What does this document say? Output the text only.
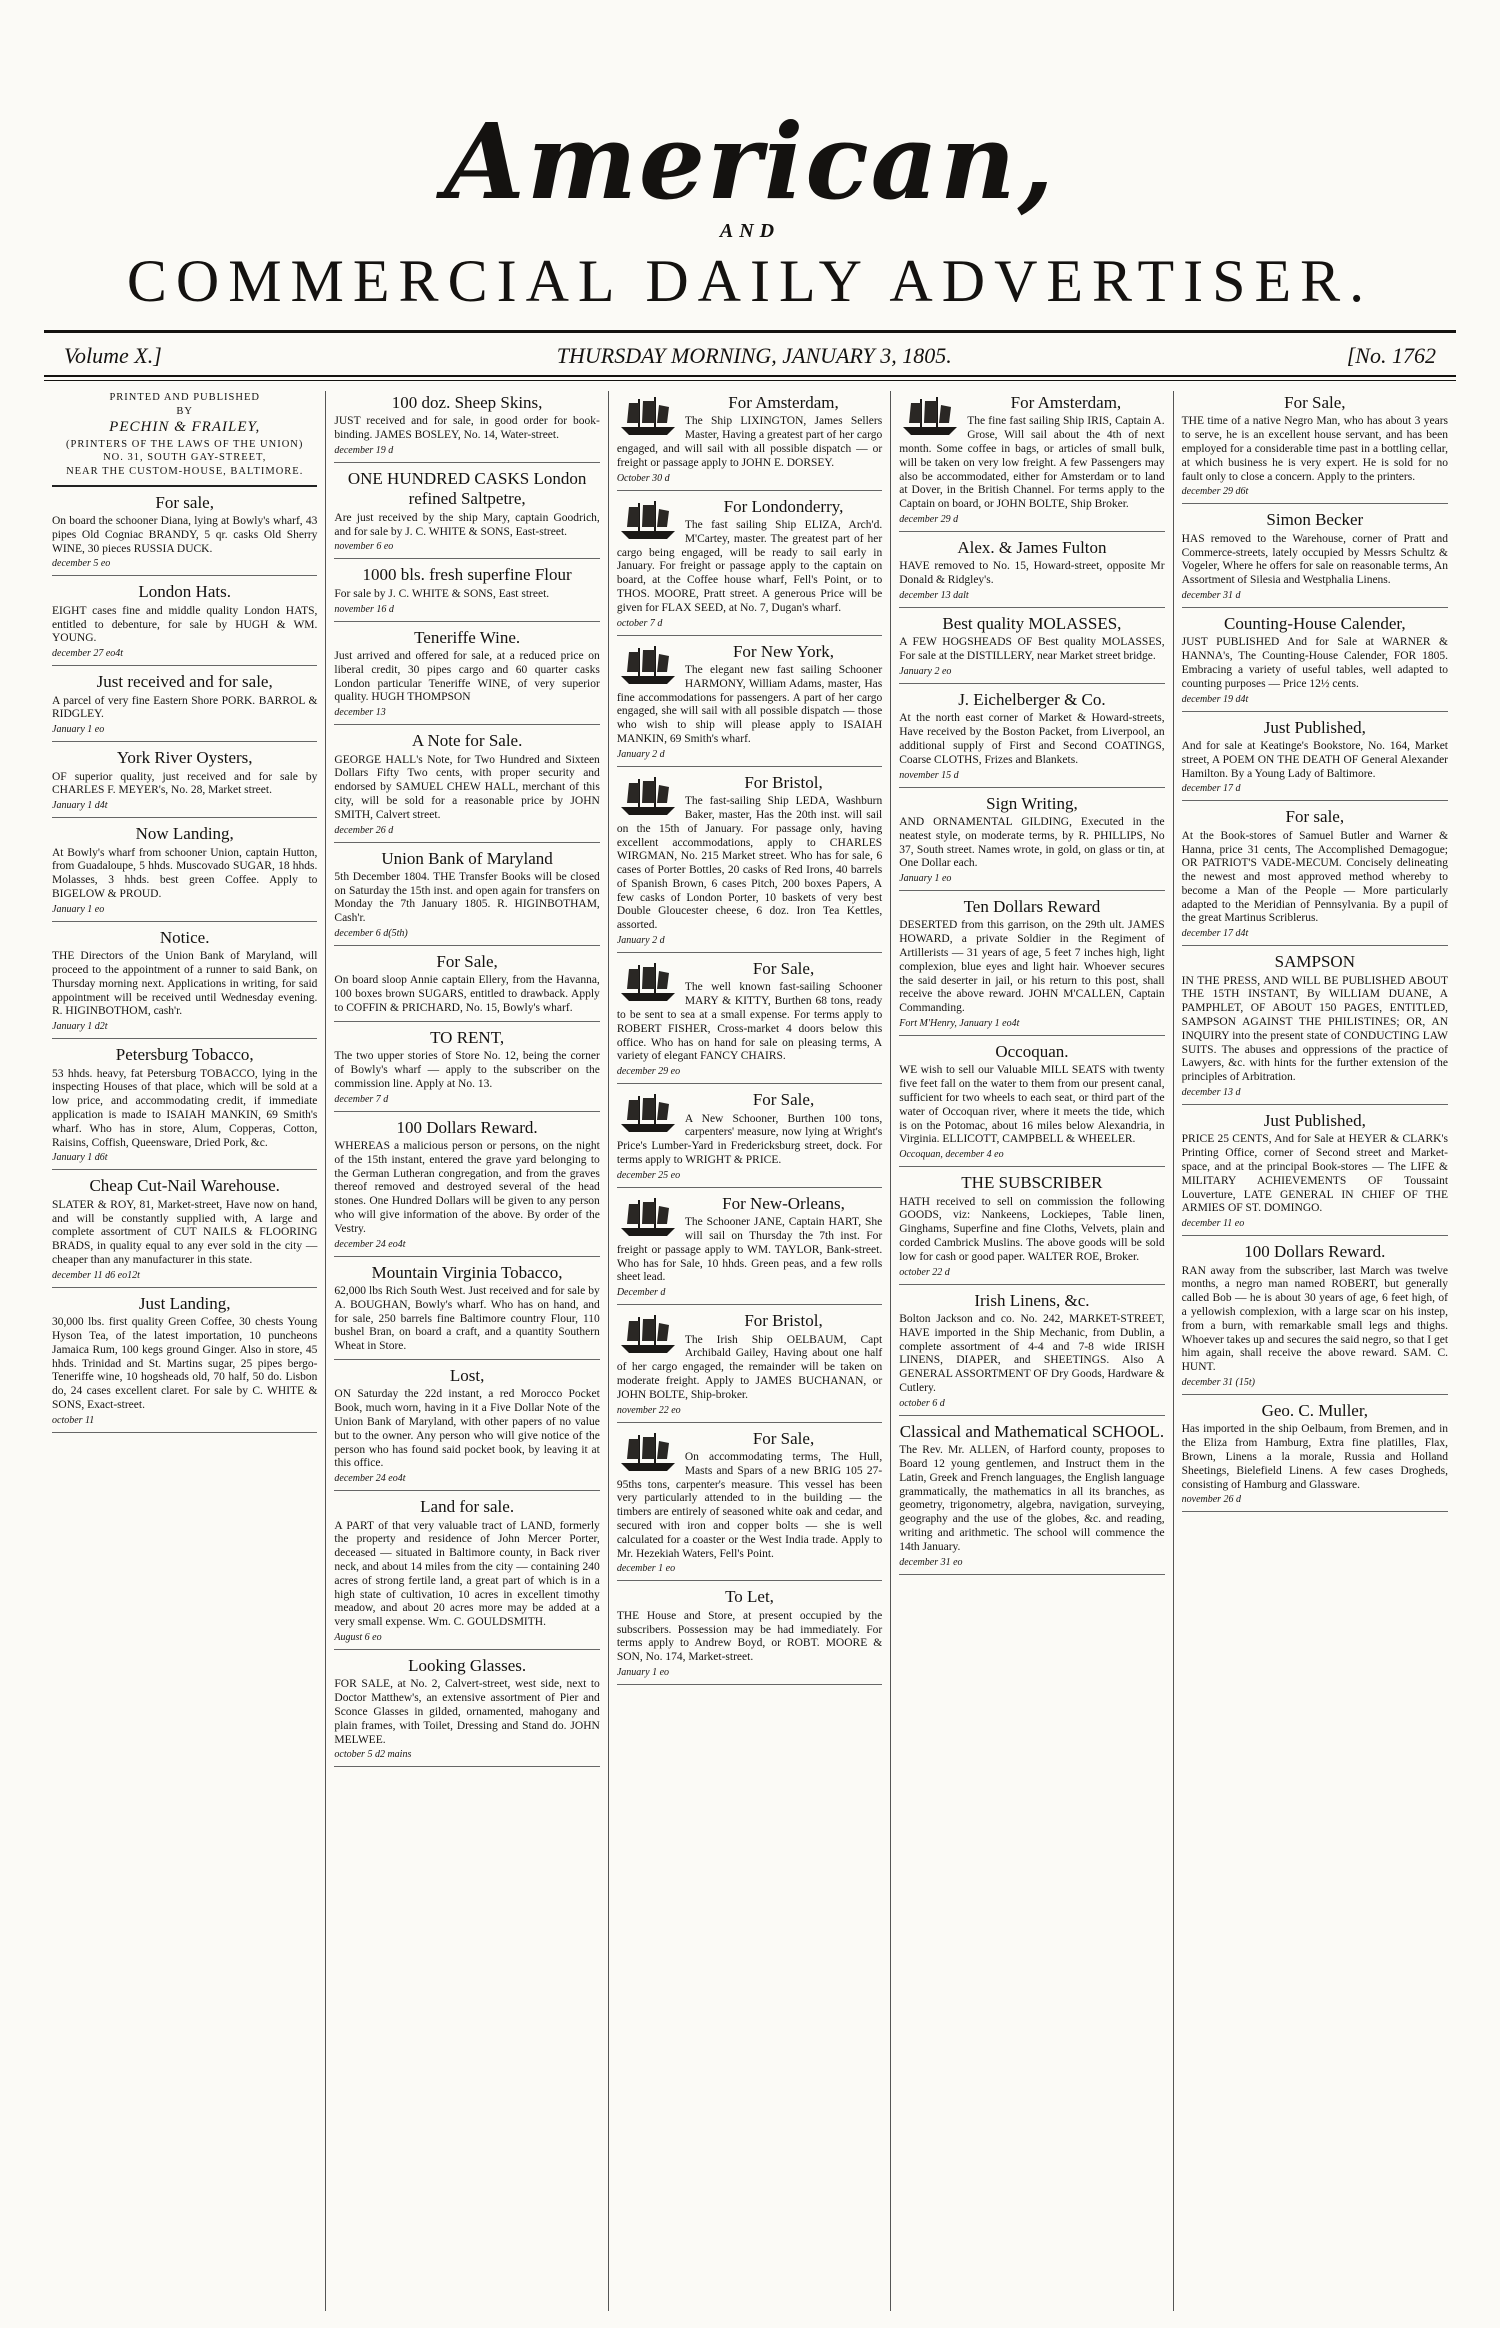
American,
AND
COMMERCIAL DAILY ADVERTISER.
Volume X.]	THURSDAY MORNING, JANUARY 3, 1805.	[No. 1762
PRINTED AND PUBLISHED
BY
PECHIN & FRAILEY,
(PRINTERS OF THE LAWS OF THE UNION)
NO. 31, SOUTH GAY-STREET,
NEAR THE CUSTOM-HOUSE, BALTIMORE.
For sale,
On board the schooner Diana, lying at Bowly's wharf, 43 pipes Old Cogniac BRANDY, 5 qr. casks Old Sherry WINE, 30 pieces RUSSIA DUCK.
december 5 eo
London Hats.
EIGHT cases fine and middle quality London HATS, entitled to debenture, for sale by HUGH & WM. YOUNG.
december 27 eo4t
Just received and for sale,
A parcel of very fine Eastern Shore PORK. BARROL & RIDGLEY.
January 1 eo
York River Oysters,
OF superior quality, just received and for sale by CHARLES F. MEYER's, No. 28, Market street.
January 1 d4t
Now Landing,
At Bowly's wharf from schooner Union, captain Hutton, from Guadaloupe, 5 hhds. Muscovado SUGAR, 18 hhds. Molasses, 3 hhds. best green Coffee. Apply to BIGELOW & PROUD.
January 1 eo
Notice.
THE Directors of the Union Bank of Maryland, will proceed to the appointment of a runner to said Bank, on Thursday morning next. Applications in writing, for said appointment will be received until Wednesday evening. R. HIGINBOTHOM, cash'r.
January 1 d2t
Petersburg Tobacco,
53 hhds. heavy, fat Petersburg TOBACCO, lying in the inspecting Houses of that place, which will be sold at a low price, and accommodating credit, if immediate application is made to ISAIAH MANKIN, 69 Smith's wharf. Who has in store, Alum, Copperas, Cotton, Raisins, Coffish, Queensware, Dried Pork, &c.
January 1 d6t
Cheap Cut-Nail Warehouse.
SLATER & ROY, 81, Market-street, Have now on hand, and will be constantly supplied with, A large and complete assortment of CUT NAILS & FLOORING BRADS, in quality equal to any ever sold in the city — cheaper than any manufacturer in this state.
december 11 d6 eo12t
Just Landing,
30,000 lbs. first quality Green Coffee, 30 chests Young Hyson Tea, of the latest importation, 10 puncheons Jamaica Rum, 100 kegs ground Ginger. Also in store, 45 hhds. Trinidad and St. Martins sugar, 25 pipes bergo-Teneriffe wine, 10 hogsheads old, 70 half, 50 do. Lisbon do, 24 cases excellent claret. For sale by C. WHITE & SONS, Exact-street.
october 11
100 doz. Sheep Skins,
JUST received and for sale, in good order for book-binding. JAMES BOSLEY, No. 14, Water-street.
december 19 d
ONE HUNDRED CASKS London refined Saltpetre,
Are just received by the ship Mary, captain Goodrich, and for sale by J. C. WHITE & SONS, East-street.
november 6 eo
1000 bls. fresh superfine Flour
For sale by J. C. WHITE & SONS, East street.
november 16 d
Teneriffe Wine.
Just arrived and offered for sale, at a reduced price on liberal credit, 30 pipes cargo and 60 quarter casks London particular Teneriffe WINE, of very superior quality. HUGH THOMPSON
december 13
A Note for Sale.
GEORGE HALL's Note, for Two Hundred and Sixteen Dollars Fifty Two cents, with proper security and endorsed by SAMUEL CHEW HALL, merchant of this city, will be sold for a reasonable price by JOHN SMITH, Calvert street.
december 26 d
Union Bank of Maryland
5th December 1804. THE Transfer Books will be closed on Saturday the 15th inst. and open again for transfers on Monday the 7th January 1805. R. HIGINBOTHAM, Cash'r.
december 6 d(5th)
For Sale,
On board sloop Annie captain Ellery, from the Havanna, 100 boxes brown SUGARS, entitled to drawback. Apply to COFFIN & PRICHARD, No. 15, Bowly's wharf.
TO RENT,
The two upper stories of Store No. 12, being the corner of Bowly's wharf — apply to the subscriber on the commission line. Apply at No. 13.
december 7 d
100 Dollars Reward.
WHEREAS a malicious person or persons, on the night of the 15th instant, entered the grave yard belonging to the German Lutheran congregation, and from the graves thereof removed and destroyed several of the head stones. One Hundred Dollars will be given to any person who will give information of the above. By order of the Vestry.
december 24 eo4t
Mountain Virginia Tobacco,
62,000 lbs Rich South West. Just received and for sale by A. BOUGHAN, Bowly's wharf. Who has on hand, and for sale, 250 barrels fine Baltimore country Flour, 110 bushel Bran, on board a craft, and a quantity Southern Wheat in Store.
Lost,
ON Saturday the 22d instant, a red Morocco Pocket Book, much worn, having in it a Five Dollar Note of the Union Bank of Maryland, with other papers of no value but to the owner. Any person who will give notice of the person who has found said pocket book, by leaving it at this office.
december 24 eo4t
Land for sale.
A PART of that very valuable tract of LAND, formerly the property and residence of John Mercer Porter, deceased — situated in Baltimore county, in Back river neck, and about 14 miles from the city — containing 240 acres of strong fertile land, a great part of which is in a high state of cultivation, 10 acres in excellent timothy meadow, and about 20 acres more may be added at a very small expense. Wm. C. GOULDSMITH.
August 6 eo
Looking Glasses.
FOR SALE, at No. 2, Calvert-street, west side, next to Doctor Matthew's, an extensive assortment of Pier and Sconce Glasses in gilded, ornamented, mahogany and plain frames, with Toilet, Dressing and Stand do. JOHN MELWEE.
october 5 d2 mains
For Amsterdam,
The Ship LIXINGTON, James Sellers Master, Having a greatest part of her cargo engaged, and will sail with all possible dispatch — or freight or passage apply to JOHN E. DORSEY.
October 30 d
For Londonderry,
The fast sailing Ship ELIZA, Arch'd. M'Cartey, master. The greatest part of her cargo being engaged, will be ready to sail early in January. For freight or passage apply to the captain on board, at the Coffee house wharf, Fell's Point, or to THOS. MOORE, Pratt street. A generous Price will be given for FLAX SEED, at No. 7, Dugan's wharf.
october 7 d
For New York,
The elegant new fast sailing Schooner HARMONY, William Adams, master, Has fine accommodations for passengers. A part of her cargo engaged, she will sail with all possible dispatch — those who wish to ship will please apply to ISAIAH MANKIN, 69 Smith's wharf.
January 2 d
For Bristol,
The fast-sailing Ship LEDA, Washburn Baker, master, Has the 20th inst. will sail on the 15th of January. For passage only, having excellent accommodations, apply to CHARLES WIRGMAN, No. 215 Market street. Who has for sale, 6 cases of Porter Bottles, 20 casks of Red Irons, 40 barrels of Spanish Brown, 6 cases Pitch, 200 boxes Papers, A few casks of London Porter, 10 baskets of very best Double Gloucester cheese, 6 doz. Iron Tea Kettles, assorted.
January 2 d
For Sale,
The well known fast-sailing Schooner MARY & KITTY, Burthen 68 tons, ready to be sent to sea at a small expense. For terms apply to ROBERT FISHER, Cross-market 4 doors below this office. Who has on hand for sale on pleasing terms, A variety of elegant FANCY CHAIRS.
december 29 eo
For Sale,
A New Schooner, Burthen 100 tons, carpenters' measure, now lying at Wright's Price's Lumber-Yard in Fredericksburg street, dock. For terms apply to WRIGHT & PRICE.
december 25 eo
For New-Orleans,
The Schooner JANE, Captain HART, She will sail on Thursday the 7th inst. For freight or passage apply to WM. TAYLOR, Bank-street. Who has for Sale, 10 hhds. Green peas, and a few rolls sheet lead.
December d
For Bristol,
The Irish Ship OELBAUM, Capt Archibald Gailey, Having about one half of her cargo engaged, the remainder will be taken on moderate freight. Apply to JAMES BUCHANAN, or JOHN BOLTE, Ship-broker.
november 22 eo
For Sale,
On accommodating terms, The Hull, Masts and Spars of a new BRIG 105 27-95ths tons, carpenter's measure. This vessel has been very particularly attended to in the building — the timbers are entirely of seasoned white oak and cedar, and secured with iron and copper bolts — she is well calculated for a coaster or the West India trade. Apply to Mr. Hezekiah Waters, Fell's Point.
december 1 eo
To Let,
THE House and Store, at present occupied by the subscribers. Possession may be had immediately. For terms apply to Andrew Boyd, or ROBT. MOORE & SON, No. 174, Market-street.
January 1 eo
For Amsterdam,
The fine fast sailing Ship IRIS, Captain A. Grose, Will sail about the 4th of next month. Some coffee in bags, or articles of small bulk, will be taken on very low freight. A few Passengers may also be accommodated, either for Amsterdam or to land at Dover, in the British Channel. For terms apply to the Captain on board, or JOHN BOLTE, Ship Broker.
december 29 d
Alex. & James Fulton
HAVE removed to No. 15, Howard-street, opposite Mr Donald & Ridgley's.
december 13 dalt
Best quality MOLASSES,
A FEW HOGSHEADS OF Best quality MOLASSES, For sale at the DISTILLERY, near Market street bridge.
January 2 eo
J. Eichelberger & Co.
At the north east corner of Market & Howard-streets, Have received by the Boston Packet, from Liverpool, an additional supply of First and Second COATINGS, Coarse CLOTHS, Frizes and Blankets.
november 15 d
Sign Writing,
AND ORNAMENTAL GILDING, Executed in the neatest style, on moderate terms, by R. PHILLIPS, No 37, South street. Names wrote, in gold, on glass or tin, at One Dollar each.
January 1 eo
Ten Dollars Reward
DESERTED from this garrison, on the 29th ult. JAMES HOWARD, a private Soldier in the Regiment of Artillerists — 31 years of age, 5 feet 7 inches high, light complexion, blue eyes and light hair. Whoever secures the said deserter in jail, or his return to this post, shall receive the above reward. JOHN M'CALLEN, Captain Commanding.
Fort M'Henry, January 1 eo4t
Occoquan.
WE wish to sell our Valuable MILL SEATS with twenty five feet fall on the water to them from our present canal, sufficient for two wheels to each seat, or third part of the water of Occoquan river, where it meets the tide, which is on the Potomac, about 16 miles below Alexandria, in Virginia. ELLICOTT, CAMPBELL & WHEELER.
Occoquan, december 4 eo
THE SUBSCRIBER
HATH received to sell on commission the following GOODS, viz: Nankeens, Lockiepes, Table linen, Ginghams, Superfine and fine Cloths, Velvets, plain and corded Cambrick Muslins. The above goods will be sold low for cash or good paper. WALTER ROE, Broker.
october 22 d
Irish Linens, &c.
Bolton Jackson and co. No. 242, MARKET-STREET, HAVE imported in the Ship Mechanic, from Dublin, a complete assortment of 4-4 and 7-8 wide IRISH LINENS, DIAPER, and SHEETINGS. Also A GENERAL ASSORTMENT OF Dry Goods, Hardware & Cutlery.
october 6 d
Classical and Mathematical SCHOOL.
The Rev. Mr. ALLEN, of Harford county, proposes to Board 12 young gentlemen, and Instruct them in the Latin, Greek and French languages, the English language grammatically, the mathematics in all its branches, as geometry, trigonometry, algebra, navigation, surveying, geography and the use of the globes, &c. and reading, writing and arithmetic. The school will commence the 14th January.
december 31 eo
For Sale,
THE time of a native Negro Man, who has about 3 years to serve, he is an excellent house servant, and has been employed for a considerable time past in a bottling cellar, at which business he is very expert. He is sold for no fault only to close a concern. Apply to the printers.
december 29 d6t
Simon Becker
HAS removed to the Warehouse, corner of Pratt and Commerce-streets, lately occupied by Messrs Schultz & Vogeler, Where he offers for sale on reasonable terms, An Assortment of Silesia and Westphalia Linens.
december 31 d
Counting-House Calender,
JUST PUBLISHED And for Sale at WARNER & HANNA's, The Counting-House Calender, FOR 1805. Embracing a variety of useful tables, well adapted to counting purposes — Price 12½ cents.
december 19 d4t
Just Published,
And for sale at Keatinge's Bookstore, No. 164, Market street, A POEM ON THE DEATH OF General Alexander Hamilton. By a Young Lady of Baltimore.
december 17 d
For sale,
At the Book-stores of Samuel Butler and Warner & Hanna, price 31 cents, The Accomplished Demagogue; OR PATRIOT'S VADE-MECUM. Concisely delineating the newest and most approved method whereby to become a Man of the People — More particularly adapted to the Meridian of Pennsylvania. By a pupil of the great Martinus Scriblerus.
december 17 d4t
SAMPSON
IN THE PRESS, AND WILL BE PUBLISHED ABOUT THE 15TH INSTANT, By WILLIAM DUANE, A PAMPHLET, OF ABOUT 150 PAGES, ENTITLED, SAMPSON AGAINST THE PHILISTINES; OR, AN INQUIRY into the present state of CONDUCTING LAW SUITS. The abuses and oppressions of the practice of Lawyers, &c. with hints for the further extension of the principles of Arbitration.
december 13 d
Just Published,
PRICE 25 CENTS, And for Sale at HEYER & CLARK's Printing Office, corner of Second street and Market-space, and at the principal Book-stores — The LIFE & MILITARY ACHIEVEMENTS OF Toussaint Louverture, LATE GENERAL IN CHIEF OF THE ARMIES OF ST. DOMINGO.
december 11 eo
100 Dollars Reward.
RAN away from the subscriber, last March was twelve months, a negro man named ROBERT, but generally called Bob — he is about 30 years of age, 6 feet high, of a yellowish complexion, with a large scar on his instep, from a burn, with remarkable small legs and thighs. Whoever takes up and secures the said negro, so that I get him again, shall receive the above reward. SAM. C. HUNT.
december 31 (15t)
Geo. C. Muller,
Has imported in the ship Oelbaum, from Bremen, and in the Eliza from Hamburg, Extra fine platilles, Flax, Brown, Linens a la morale, Russia and Holland Sheetings, Bielefield Linens. A few cases Drogheds, consisting of Hamburg and Glassware.
november 26 d
